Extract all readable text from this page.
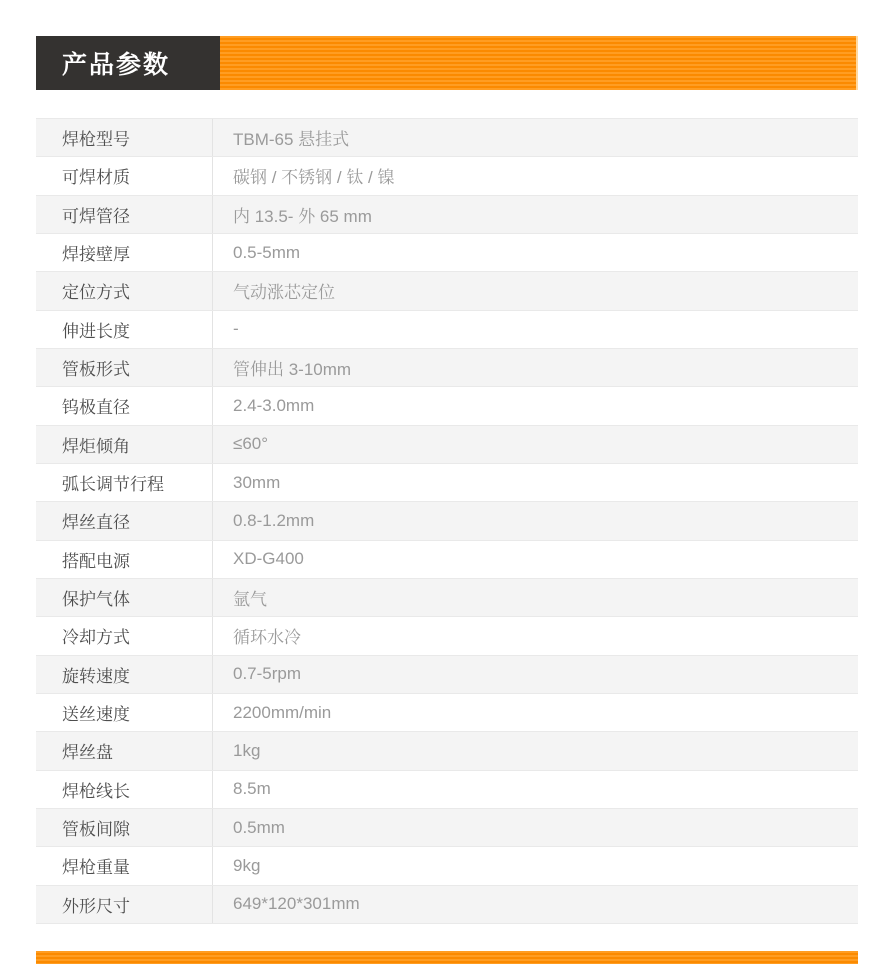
产品参数
焊枪型号	TBM-65 悬挂式
可焊材质	碳钢 / 不锈钢 / 钛 / 镍
可焊管径	内 13.5- 外 65 mm
焊接壁厚	0.5-5mm
定位方式	气动涨芯定位
伸进长度	-
管板形式	管伸出 3-10mm
钨极直径	2.4-3.0mm
焊炬倾角	≤60°
弧长调节行程	30mm
焊丝直径	0.8-1.2mm
搭配电源	XD-G400
保护气体	氩气
冷却方式	循环水冷
旋转速度	0.7-5rpm
送丝速度	2200mm/min
焊丝盘	1kg
焊枪线长	8.5m
管板间隙	0.5mm
焊枪重量	9kg
外形尺寸	649*120*301mm
